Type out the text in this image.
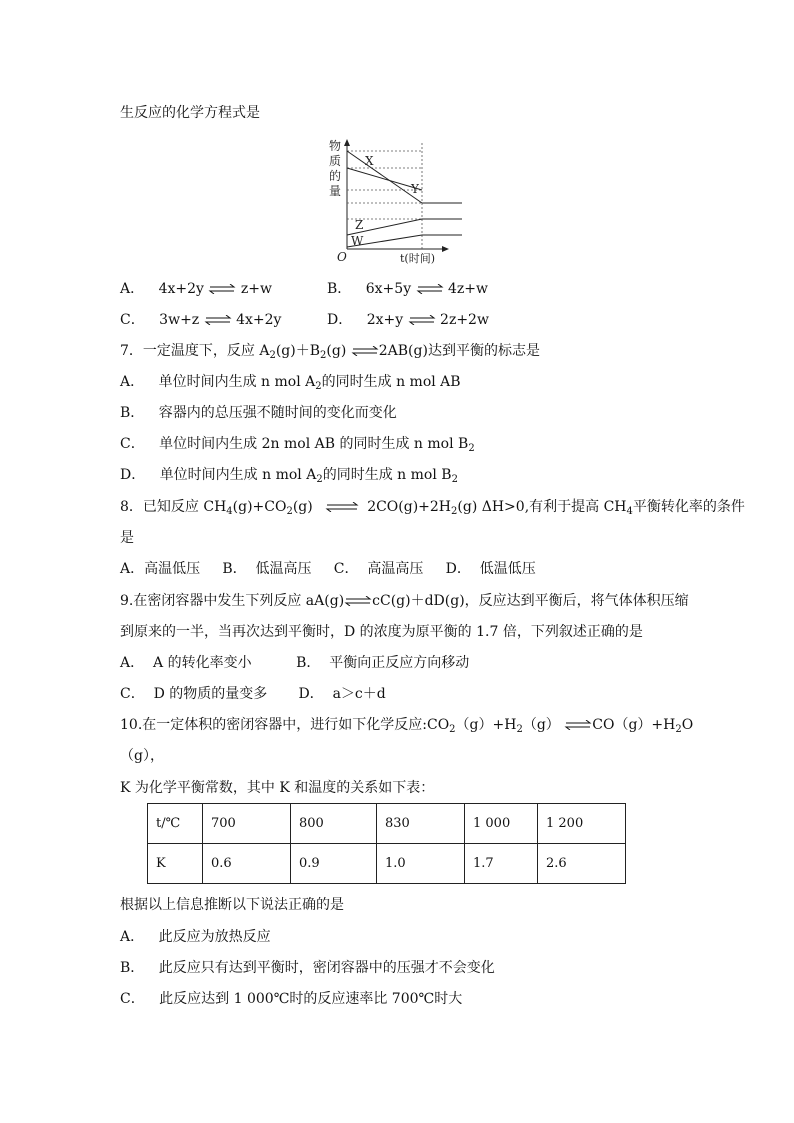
生反应的化学方程式是
物
质
的
量
O	t(时间)
X
Y
Z
W
A． 4x+2y ⇌ z+w	B． 6x+5y ⇌ 4z+w
C． 3w+z ⇌ 4x+2y	D． 2x+y ⇌ 2z+2w
7．一定温度下，反应 $A_2(g)+B_2(g)$ ⇌2AB(g)达到平衡的标志是
A． 单位时间内生成 n mol $A_2$的同时生成 n mol AB
B． 容器内的总压强不随时间的变化而变化
C． 单位时间内生成 2n mol AB 的同时生成 n mol $B_2$
D． 单位时间内生成 n mol $A_2$的同时生成 n mol $B_2$
8．已知反应 $CH_4(g)+CO_2(g)$ ⇌ $2CO(g)+2H_2(g)$ ΔH>0,有利于提高 $CH_4$平衡转化率的条件
是
A．高温低压     B．  低温高压     C．  高温高压     D．  低温低压
9.在密闭容器中发生下列反应 aA(g)⇌cC(g)＋dD(g)，反应达到平衡后，将气体体积压缩
到原来的一半，当再次达到平衡时，D 的浓度为原平衡的 1.7 倍，下列叙述正确的是
A．  A 的转化率变小          B．  平衡向正反应方向移动
C．  D 的物质的量变多       D．  a＞c＋d
10.在一定体积的密闭容器中，进行如下化学反应$:CO_2(g)+H_2(g)$ $\rightleftharpoons CO(g)+H_2O$
（g），
K 为化学平衡常数，其中 K 和温度的关系如下表：
t/℃	700	800	830	1 000	1 200
K	0.6	0.9	1.0	1.7	2.6
根据以上信息推断以下说法正确的是
A． 此反应为放热反应
B． 此反应只有达到平衡时，密闭容器中的压强才不会变化
C． 此反应达到 1 000℃时的反应速率比 700℃时大
